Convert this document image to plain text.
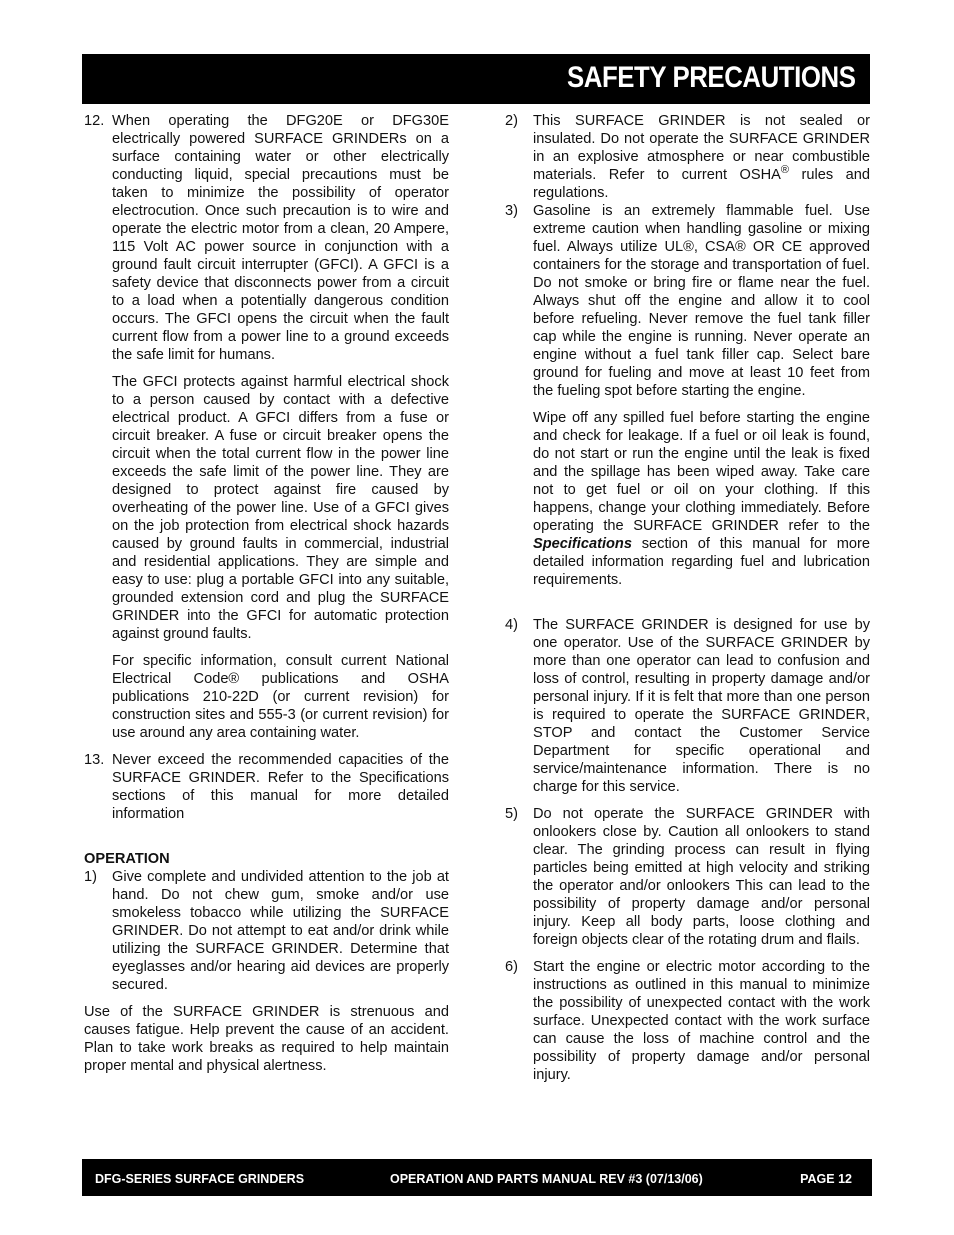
SAFETY PRECAUTIONS
12. When operating the DFG20E or DFG30E electrically powered SURFACE GRINDERs on a surface containing water or other electrically conducting liquid, special precautions must be taken to minimize the possibility of operator electrocution. Once such precaution is to wire and operate the electric motor from a clean, 20 Ampere, 115 Volt AC power source in conjunction with a ground fault circuit interrupter (GFCI). A GFCI is a safety device that disconnects power from a circuit to a load when a potentially dangerous condition occurs. The GFCI opens the circuit when the fault current flow from a power line to a ground exceeds the safe limit for humans.

The GFCI protects against harmful electrical shock to a person caused by contact with a defective electrical product. A GFCI differs from a fuse or circuit breaker. A fuse or circuit breaker opens the circuit when the total current flow in the power line exceeds the safe limit of the power line. They are designed to protect against fire caused by overheating of the power line. Use of a GFCI gives on the job protection from electrical shock hazards caused by ground faults in commercial, industrial and residential applications. They are simple and easy to use: plug a portable GFCI into any suitable, grounded extension cord and plug the SURFACE GRINDER into the GFCI for automatic protection against ground faults.

For specific information, consult current National Electrical Code® publications and OSHA publications 210-22D (or current revision) for construction sites and 555-3 (or current revision) for use around any area containing water.

13. Never exceed the recommended capacities of the SURFACE GRINDER. Refer to the Specifications sections of this manual for more detailed information

OPERATION
1) Give complete and undivided attention to the job at hand. Do not chew gum, smoke and/or use smokeless tobacco while utilizing the SURFACE GRINDER. Do not attempt to eat and/or drink while utilizing the SURFACE GRINDER. Determine that eyeglasses and/or hearing aid devices are properly secured.

Use of the SURFACE GRINDER is strenuous and causes fatigue. Help prevent the cause of an accident. Plan to take work breaks as required to help maintain proper mental and physical alertness.

2) This SURFACE GRINDER is not sealed or insulated. Do not operate the SURFACE GRINDER in an explosive atmosphere or near combustible materials. Refer to current OSHA® rules and regulations.

3) Gasoline is an extremely flammable fuel. Use extreme caution when handling gasoline or mixing fuel. Always utilize UL®, CSA® OR CE approved containers for the storage and transportation of fuel. Do not smoke or bring fire or flame near the fuel. Always shut off the engine and allow it to cool before refueling. Never remove the fuel tank filler cap while the engine is running. Never operate an engine without a fuel tank filler cap. Select bare ground for fueling and move at least 10 feet from the fueling spot before starting the engine.

Wipe off any spilled fuel before starting the engine and check for leakage. If a fuel or oil leak is found, do not start or run the engine until the leak is fixed and the spillage has been wiped away. Take care not to get fuel or oil on your clothing. If this happens, change your clothing immediately. Before operating the SURFACE GRINDER refer to the Specifications section of this manual for more detailed information regarding fuel and lubrication requirements.

4) The SURFACE GRINDER is designed for use by one operator. Use of the SURFACE GRINDER by more than one operator can lead to confusion and loss of control, resulting in property damage and/or personal injury. If it is felt that more than one person is required to operate the SURFACE GRINDER, STOP and contact the Customer Service Department for specific operational and service/maintenance information. There is no charge for this service.

5) Do not operate the SURFACE GRINDER with onlookers close by. Caution all onlookers to stand clear. The grinding process can result in flying particles being emitted at high velocity and striking the operator and/or onlookers This can lead to the possibility of property damage and/or personal injury. Keep all body parts, loose clothing and foreign objects clear of the rotating drum and flails.

6) Start the engine or electric motor according to the instructions as outlined in this manual to minimize the possibility of unexpected contact with the work surface. Unexpected contact with the work surface can cause the loss of machine control and the possibility of property damage and/or personal injury.

DFG-SERIES SURFACE GRINDERS	OPERATION AND PARTS MANUAL REV #3 (07/13/06)	PAGE 12
